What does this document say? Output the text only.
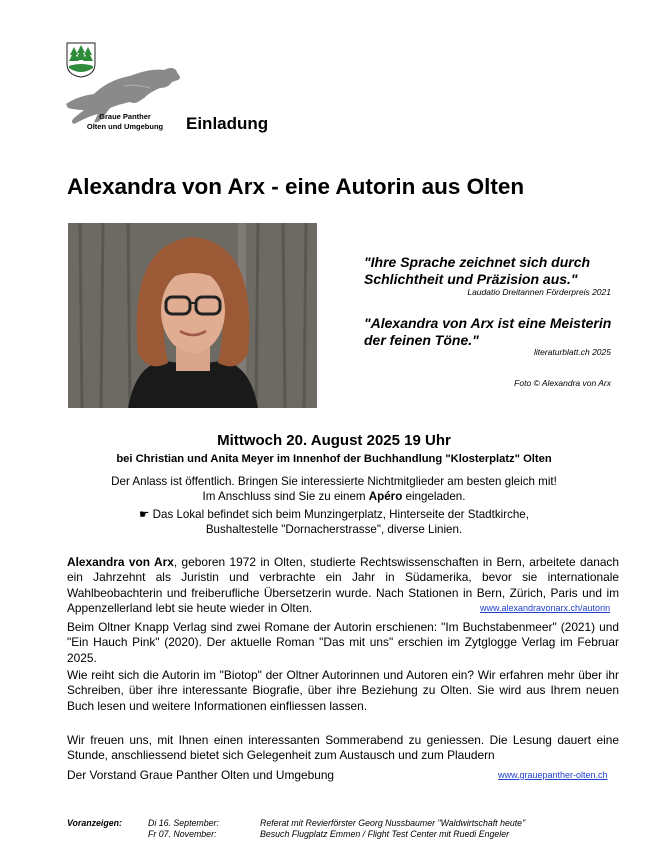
Graue Panther
Olten und Umgebung	Einladung
Alexandra von Arx - eine Autorin aus Olten
"Ihre Sprache zeichnet sich durch Schlichtheit und Präzision aus."
Laudatio Dreitannen Förderpreis 2021
"Alexandra von Arx ist eine Meisterin der feinen Töne."
literaturblatt.ch 2025
Foto © Alexandra von Arx
Mittwoch 20. August 2025 19 Uhr
bei Christian und Anita Meyer im Innenhof der Buchhandlung "Klosterplatz" Olten
Der Anlass ist öffentlich. Bringen Sie interessierte Nichtmitglieder am besten gleich mit!
Im Anschluss sind Sie zu einem Apéro eingeladen.
☛ Das Lokal befindet sich beim Munzingerplatz, Hinterseite der Stadtkirche,
Bushaltestelle "Dornacherstrasse", diverse Linien.
Alexandra von Arx, geboren 1972 in Olten, studierte Rechtswissenschaften in Bern, arbeitete danach ein Jahrzehnt als Juristin und verbrachte ein Jahr in Südamerika, bevor sie internationale Wahlbeobachterin und freiberufliche Übersetzerin wurde. Nach Stationen in Bern, Zürich, Paris und im Appenzellerland lebt sie heute wieder in Olten.	www.alexandravonarx.ch/autorin
Beim Oltner Knapp Verlag sind zwei Romane der Autorin erschienen: "Im Buchstabenmeer" (2021) und "Ein Hauch Pink" (2020). Der aktuelle Roman "Das mit uns" erschien im Zytglogge Verlag im Februar 2025.
Wie reiht sich die Autorin im "Biotop" der Oltner Autorinnen und Autoren ein? Wir erfahren mehr über ihr Schreiben, über ihre interessante Biografie, über ihre Beziehung zu Olten. Sie wird aus Ihrem neuen Buch lesen und weitere Informationen einfliessen lassen.
Wir freuen uns, mit Ihnen einen interessanten Sommerabend zu geniessen. Die Lesung dauert eine Stunde, anschliessend bietet sich Gelegenheit zum Austausch und zum Plaudern
Der Vorstand Graue Panther Olten und Umgebung	www.grauepanther-olten.ch
Voranzeigen:	Di 16. September:	Referat mit Revierförster Georg Nussbaumer "Waldwirtschaft heute"
Fr 07. November:	Besuch Flugplatz Emmen / Flight Test Center mit Ruedi Engeler
